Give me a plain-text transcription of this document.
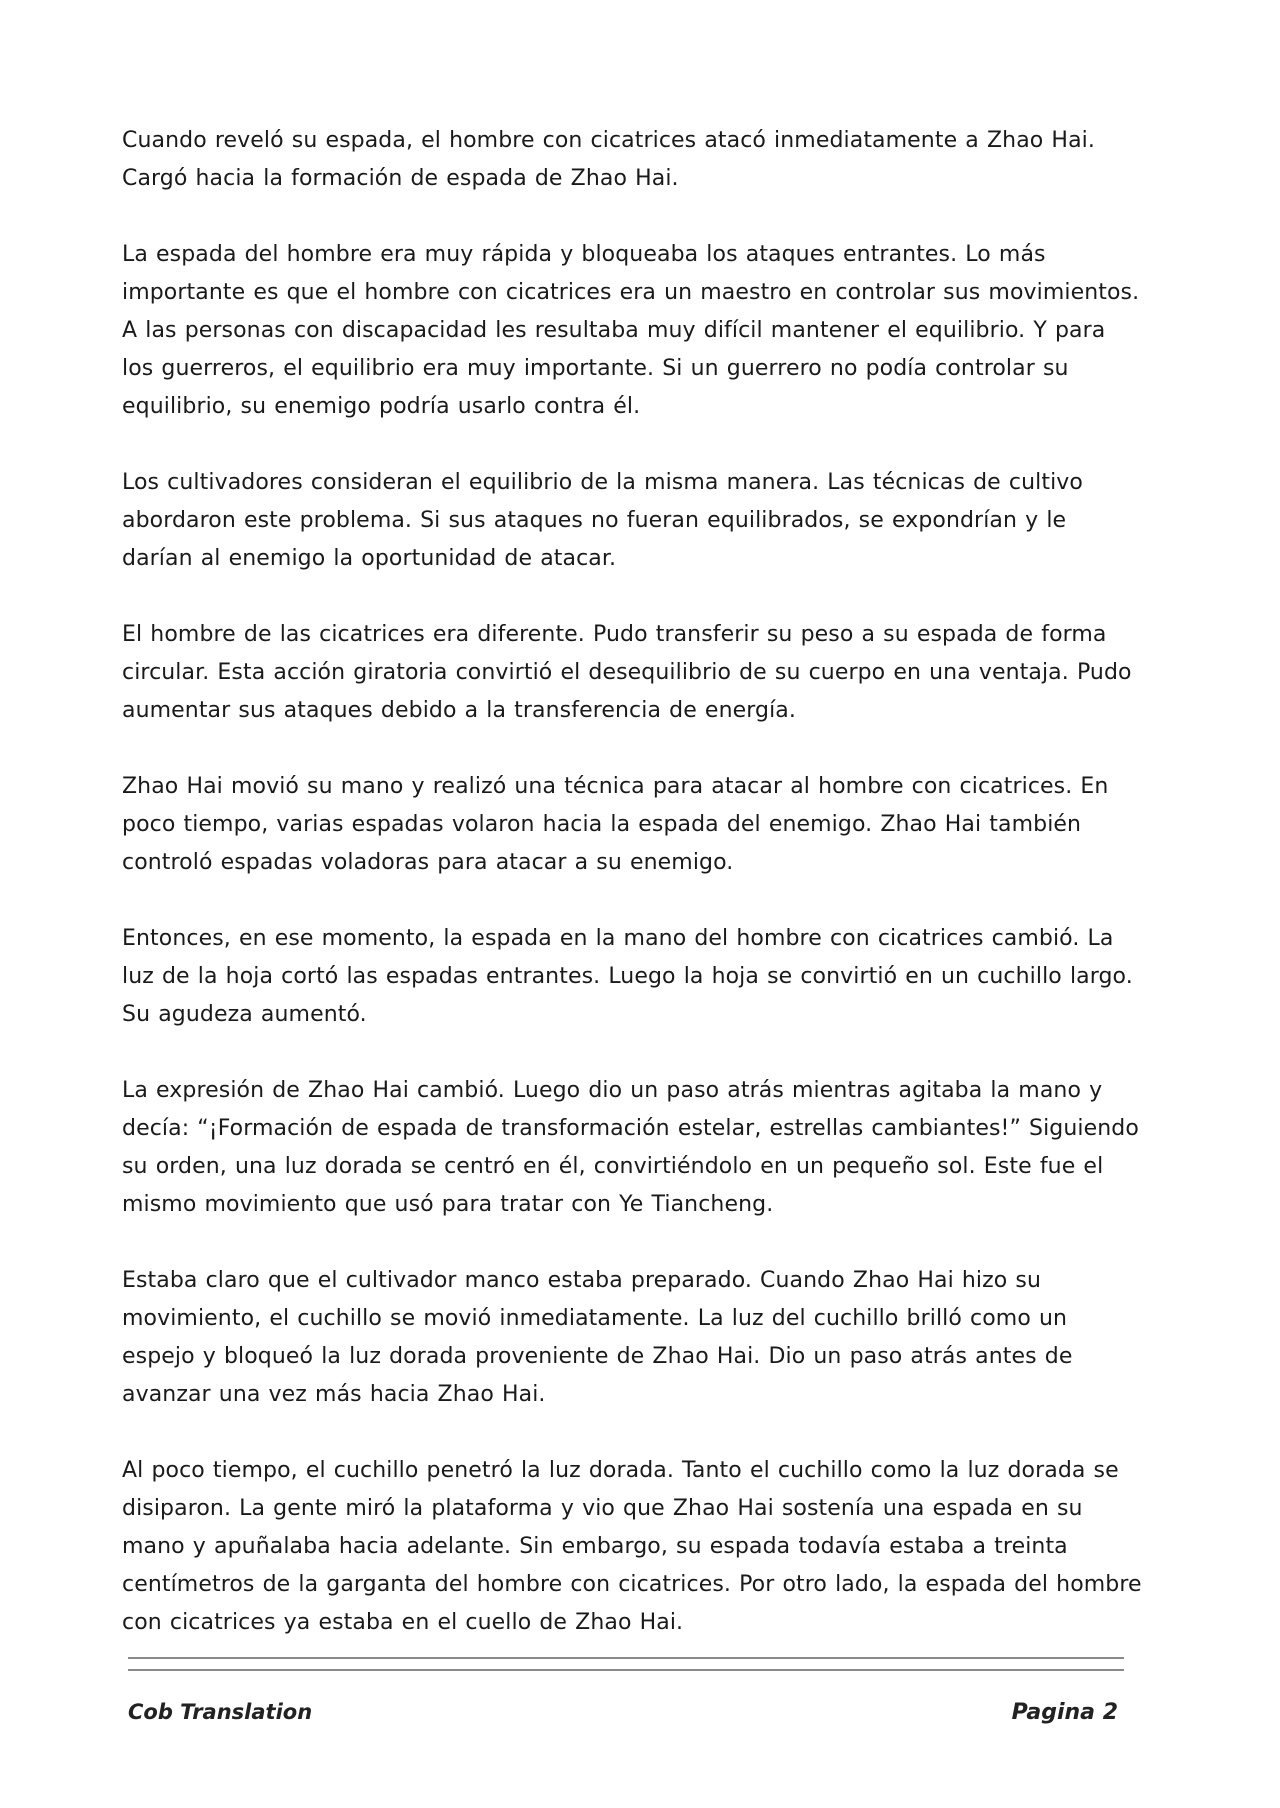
Cuando reveló su espada, el hombre con cicatrices atacó inmediatamente a Zhao Hai. Cargó hacia la formación de espada de Zhao Hai.

La espada del hombre era muy rápida y bloqueaba los ataques entrantes. Lo más importante es que el hombre con cicatrices era un maestro en controlar sus movimientos. A las personas con discapacidad les resultaba muy difícil mantener el equilibrio. Y para los guerreros, el equilibrio era muy importante. Si un guerrero no podía controlar su equilibrio, su enemigo podría usarlo contra él.

Los cultivadores consideran el equilibrio de la misma manera. Las técnicas de cultivo abordaron este problema. Si sus ataques no fueran equilibrados, se expondrían y le darían al enemigo la oportunidad de atacar.

El hombre de las cicatrices era diferente. Pudo transferir su peso a su espada de forma circular. Esta acción giratoria convirtió el desequilibrio de su cuerpo en una ventaja. Pudo aumentar sus ataques debido a la transferencia de energía.

Zhao Hai movió su mano y realizó una técnica para atacar al hombre con cicatrices. En poco tiempo, varias espadas volaron hacia la espada del enemigo. Zhao Hai también controló espadas voladoras para atacar a su enemigo.

Entonces, en ese momento, la espada en la mano del hombre con cicatrices cambió. La luz de la hoja cortó las espadas entrantes. Luego la hoja se convirtió en un cuchillo largo. Su agudeza aumentó.

La expresión de Zhao Hai cambió. Luego dio un paso atrás mientras agitaba la mano y decía: “¡Formación de espada de transformación estelar, estrellas cambiantes!” Siguiendo su orden, una luz dorada se centró en él, convirtiéndolo en un pequeño sol. Este fue el mismo movimiento que usó para tratar con Ye Tiancheng.

Estaba claro que el cultivador manco estaba preparado. Cuando Zhao Hai hizo su movimiento, el cuchillo se movió inmediatamente. La luz del cuchillo brilló como un espejo y bloqueó la luz dorada proveniente de Zhao Hai. Dio un paso atrás antes de avanzar una vez más hacia Zhao Hai.

Al poco tiempo, el cuchillo penetró la luz dorada. Tanto el cuchillo como la luz dorada se disiparon. La gente miró la plataforma y vio que Zhao Hai sostenía una espada en su mano y apuñalaba hacia adelante. Sin embargo, su espada todavía estaba a treinta centímetros de la garganta del hombre con cicatrices. Por otro lado, la espada del hombre con cicatrices ya estaba en el cuello de Zhao Hai.

Cob Translation	Pagina 2
